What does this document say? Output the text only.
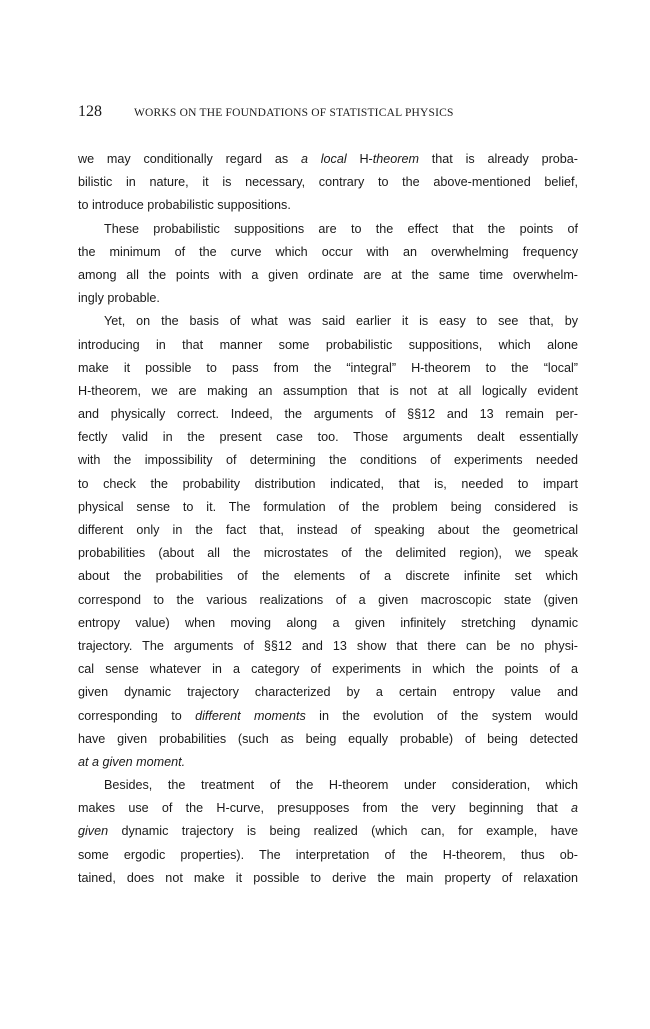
128	WORKS ON THE FOUNDATIONS OF STATISTICAL PHYSICS
we may conditionally regard as a local H-theorem that is already proba-
bilistic in nature, it is necessary, contrary to the above-mentioned belief,
to introduce probabilistic suppositions.
These probabilistic suppositions are to the effect that the points of
the minimum of the curve which occur with an overwhelming frequency
among all the points with a given ordinate are at the same time overwhelm-
ingly probable.
Yet, on the basis of what was said earlier it is easy to see that, by
introducing in that manner some probabilistic suppositions, which alone
make it possible to pass from the “integral” H-theorem to the “local”
H-theorem, we are making an assumption that is not at all logically evident
and physically correct. Indeed, the arguments of §§12 and 13 remain per-
fectly valid in the present case too. Those arguments dealt essentially
with the impossibility of determining the conditions of experiments needed
to check the probability distribution indicated, that is, needed to impart
physical sense to it. The formulation of the problem being considered is
different only in the fact that, instead of speaking about the geometrical
probabilities (about all the microstates of the delimited region), we speak
about the probabilities of the elements of a discrete infinite set which
correspond to the various realizations of a given macroscopic state (given
entropy value) when moving along a given infinitely stretching dynamic
trajectory. The arguments of §§12 and 13 show that there can be no physi-
cal sense whatever in a category of experiments in which the points of a
given dynamic trajectory characterized by a certain entropy value and
corresponding to different moments in the evolution of the system would
have given probabilities (such as being equally probable) of being detected
at a given moment.
Besides, the treatment of the H-theorem under consideration, which
makes use of the H-curve, presupposes from the very beginning that a
given dynamic trajectory is being realized (which can, for example, have
some ergodic properties). The interpretation of the H-theorem, thus ob-
tained, does not make it possible to derive the main property of relaxation
